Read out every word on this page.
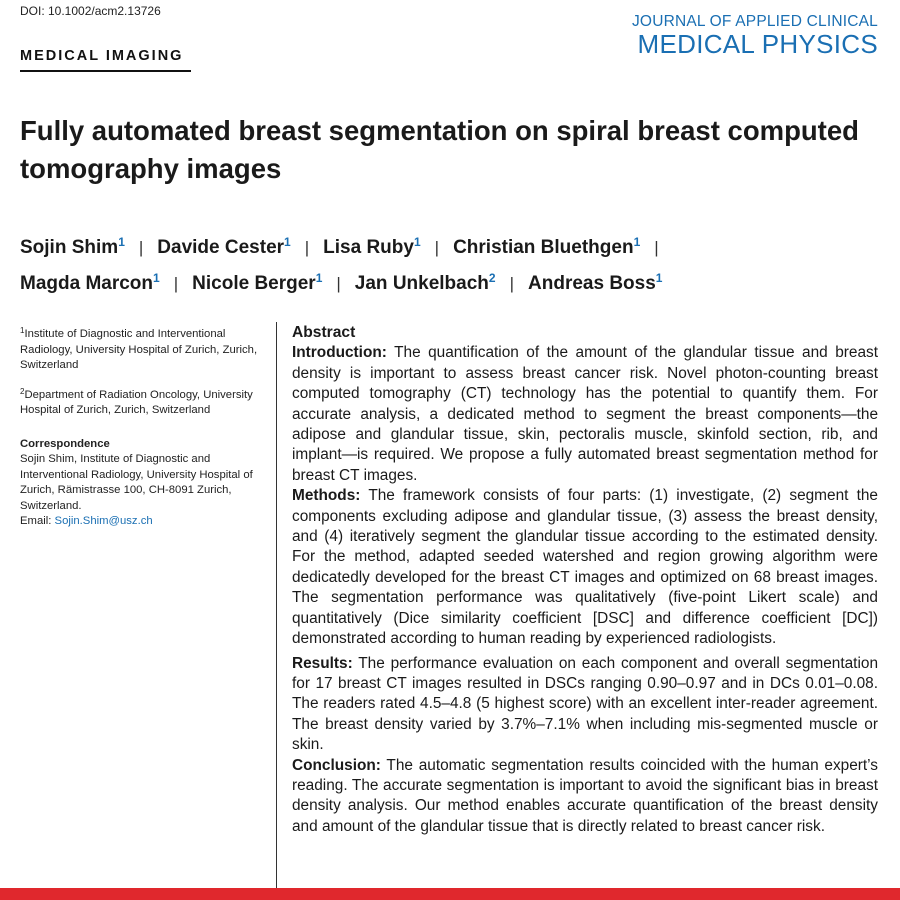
DOI: 10.1002/acm2.13726
MEDICAL IMAGING
JOURNAL OF APPLIED CLINICAL
MEDICAL PHYSICS
Fully automated breast segmentation on spiral breast computed tomography images
Sojin Shim$^1$ | Davide Cester$^1$ | Lisa Ruby$^1$ | Christian Bluethgen$^1$ |
Magda Marcon$^1$ | Nicole Berger$^1$ | Jan Unkelbach$^2$ | Andreas Boss$^1$
$^1$Institute of Diagnostic and Interventional Radiology, University Hospital of Zurich, Zurich, Switzerland
$^2$Department of Radiation Oncology, University Hospital of Zurich, Zurich, Switzerland
Correspondence
Sojin Shim, Institute of Diagnostic and Interventional Radiology, University Hospital of Zurich, Rämistrasse 100, CH-8091 Zurich, Switzerland.
Email: Sojin.Shim@usz.ch
Abstract

Introduction: The quantification of the amount of the glandular tissue and breast density is important to assess breast cancer risk. Novel photon-counting breast computed tomography (CT) technology has the potential to quantify them. For accurate analysis, a dedicated method to segment the breast components—the adipose and glandular tissue, skin, pectoralis muscle, skinfold section, rib, and implant—is required. We propose a fully automated breast segmentation method for breast CT images.

Methods: The framework consists of four parts: (1) investigate, (2) segment the components excluding adipose and glandular tissue, (3) assess the breast density, and (4) iteratively segment the glandular tissue according to the estimated density. For the method, adapted seeded watershed and region growing algorithm were dedicatedly developed for the breast CT images and optimized on 68 breast images. The segmentation performance was qualitatively (five-point Likert scale) and quantitatively (Dice similarity coefficient [DSC] and difference coefficient [DC]) demonstrated according to human reading by experienced radiologists.

Results: The performance evaluation on each component and overall segmentation for 17 breast CT images resulted in DSCs ranging 0.90–0.97 and in DCs 0.01–0.08. The readers rated 4.5–4.8 (5 highest score) with an excellent inter-reader agreement. The breast density varied by 3.7%–7.1% when including mis-segmented muscle or skin.

Conclusion: The automatic segmentation results coincided with the human expert’s reading. The accurate segmentation is important to avoid the significant bias in breast density analysis. Our method enables accurate quantification of the breast density and amount of the glandular tissue that is directly related to breast cancer risk.
